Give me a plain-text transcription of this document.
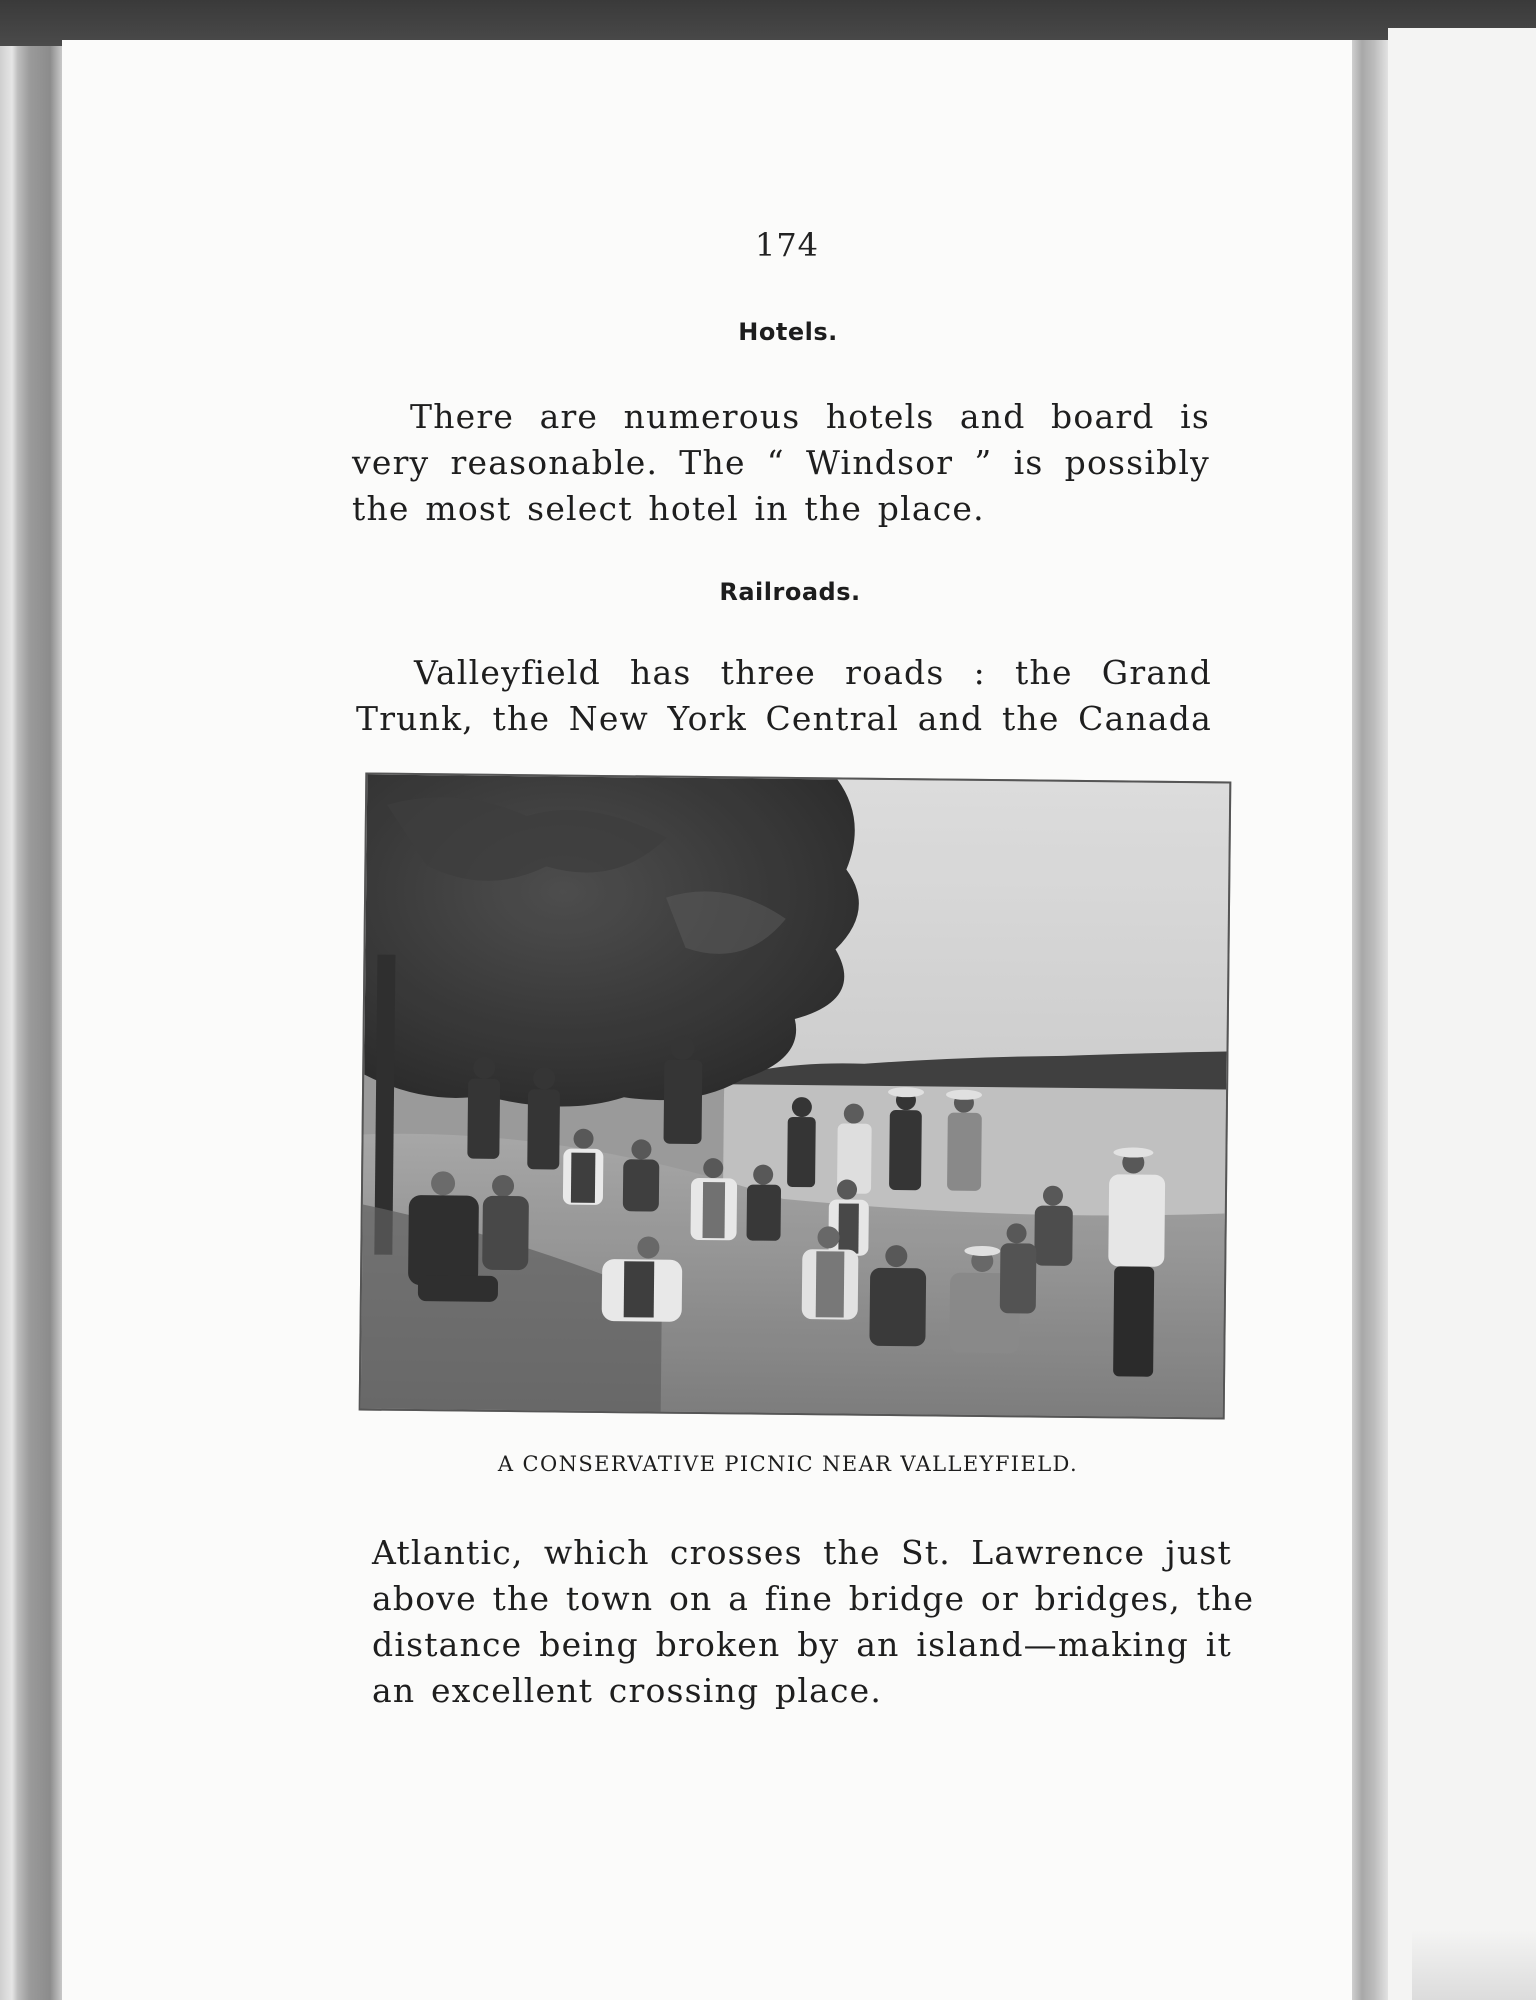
174
Hotels.
There are numerous hotels and board is
very reasonable. The “ Windsor ” is possibly
the most select hotel in the place.
Railroads.
Valleyfield has three roads : the Grand
Trunk, the New York Central and the Canada
A CONSERVATIVE PICNIC NEAR VALLEYFIELD.
Atlantic, which crosses the St. Lawrence just
above the town on a fine bridge or bridges, the
distance being broken by an island—making it
an excellent crossing place.
